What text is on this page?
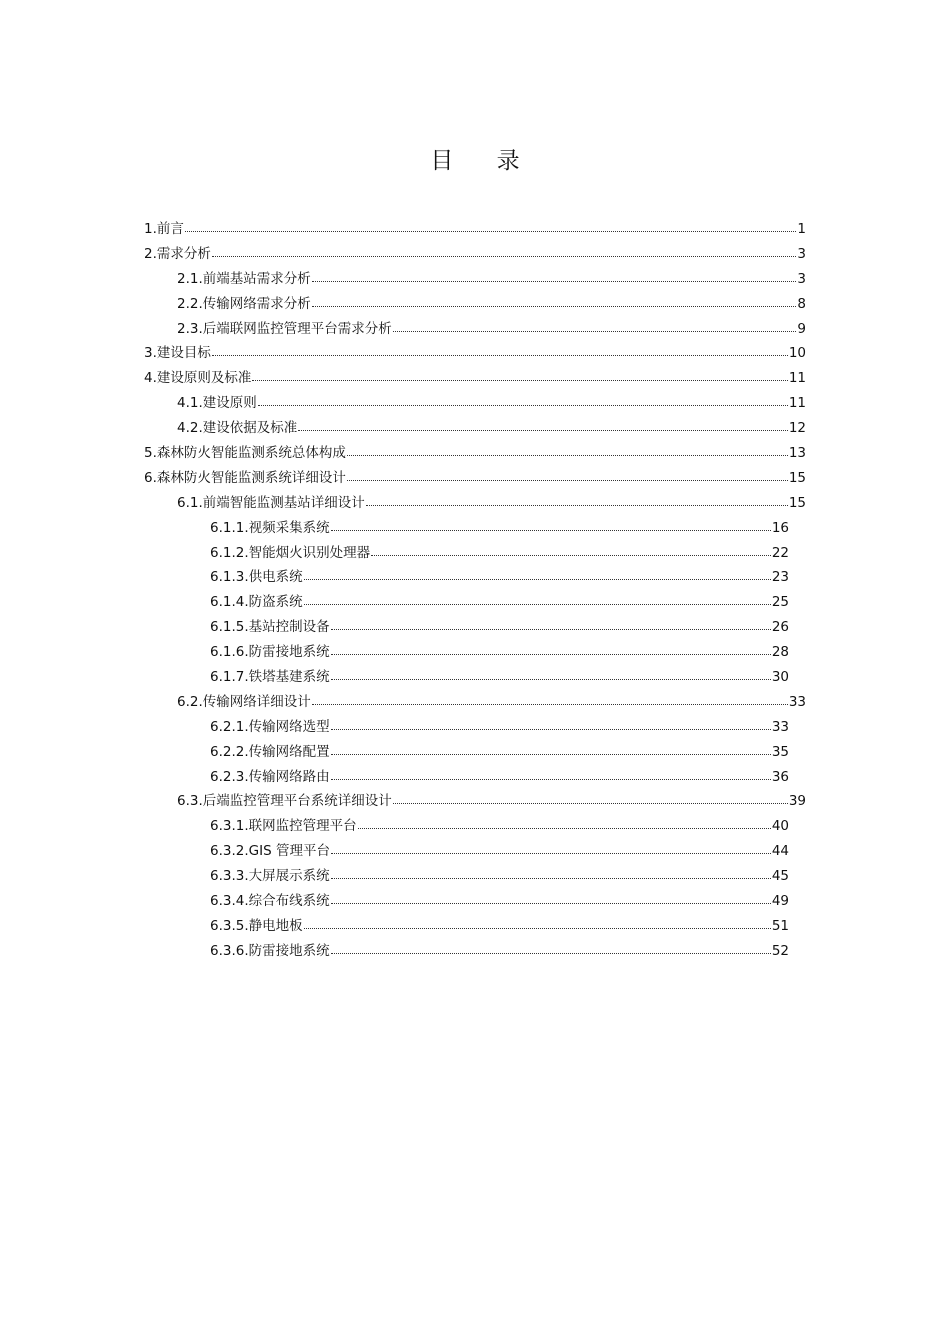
目 录
1.前言	1
2.需求分析	3
2.1.前端基站需求分析	3
2.2.传输网络需求分析	8
2.3.后端联网监控管理平台需求分析	9
3.建设目标	10
4.建设原则及标准	11
4.1.建设原则	11
4.2.建设依据及标准	12
5.森林防火智能监测系统总体构成	13
6.森林防火智能监测系统详细设计	15
6.1.前端智能监测基站详细设计	15
6.1.1.视频采集系统	16
6.1.2.智能烟火识别处理器	22
6.1.3.供电系统	23
6.1.4.防盗系统	25
6.1.5.基站控制设备	26
6.1.6.防雷接地系统	28
6.1.7.铁塔基建系统	30
6.2.传输网络详细设计	33
6.2.1.传输网络选型	33
6.2.2.传输网络配置	35
6.2.3.传输网络路由	36
6.3.后端监控管理平台系统详细设计	39
6.3.1.联网监控管理平台	40
6.3.2.GIS 管理平台	44
6.3.3.大屏展示系统	45
6.3.4.综合布线系统	49
6.3.5.静电地板	51
6.3.6.防雷接地系统	52
